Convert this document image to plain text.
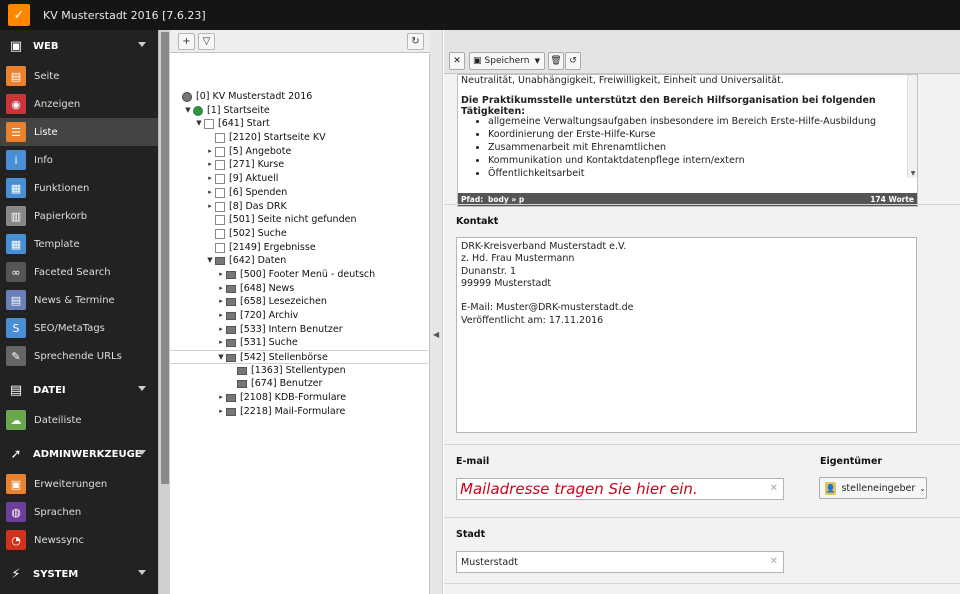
✓	KV Musterstadt 2016 [7.6.23]
▣ WEB
▤	Seite
◉	Anzeigen
☰	Liste
i	Info
▦	Funktionen
▥	Papierkorb
▦	Template
∞	Faceted Search
▤	News & Termine
S	SEO/MetaTags
✎	Sprechende URLs
▤ DATEI
☁	Dateiliste
➚ ADMINWERKZEUGE
▣	Erweiterungen
◍	Sprachen
◔	Newssync
⚡	SYSTEM
+	▽	↻
[0] KV Musterstadt 2016
▼ [1] Startseite
▼ [641] Start
[2120] Startseite KV
▸ [5] Angebote
▸ [271] Kurse
▸ [9] Aktuell
▸ [6] Spenden
▸ [8] Das DRK
[501] Seite nicht gefunden
[502] Suche
[2149] Ergebnisse
▼ [642] Daten
▸ [500] Footer Menü - deutsch
▸ [648] News
▸ [658] Lesezeichen
▸ [720] Archiv
▸ [533] Intern Benutzer
▸ [531] Suche
▼ [542] Stellenbörse
[1363] Stellentypen
[674] Benutzer
▸ [2108] KDB-Formulare
▸ [2218] Mail-Formulare
◀
✕	▣ Speichern ▼ 🗑 ↺
Neutralität, Unabhängigkeit, Freiwilligkeit, Einheit und Universalität.
Die Praktikumsstelle unterstützt den Bereich Hilfsorganisation bei folgenden Tätigkeiten:
• allgemeine Verwaltungsaufgaben insbesondere im Bereich Erste-Hilfe-Ausbildung
• Koordinierung der Erste-Hilfe-Kurse
• Zusammenarbeit mit Ehrenamtlichen
• Kommunikation und Kontaktdatenpflege intern/extern
• Öffentlichkeitsarbeit	▼
Pfad: body » p	174 Worte
Kontakt
DRK-Kreisverband Musterstadt e.V.
z. Hd. Frau Mustermann
Dunanstr. 1
99999 Musterstadt

E-Mail: Muster@DRK-musterstadt.de
Veröffentlicht am: 17.11.2016
E-mail
Mailadresse tragen Sie hier ein.
✕
Eigentümer
👤 stelleneingeber ⌄
Stadt
Musterstadt
✕
